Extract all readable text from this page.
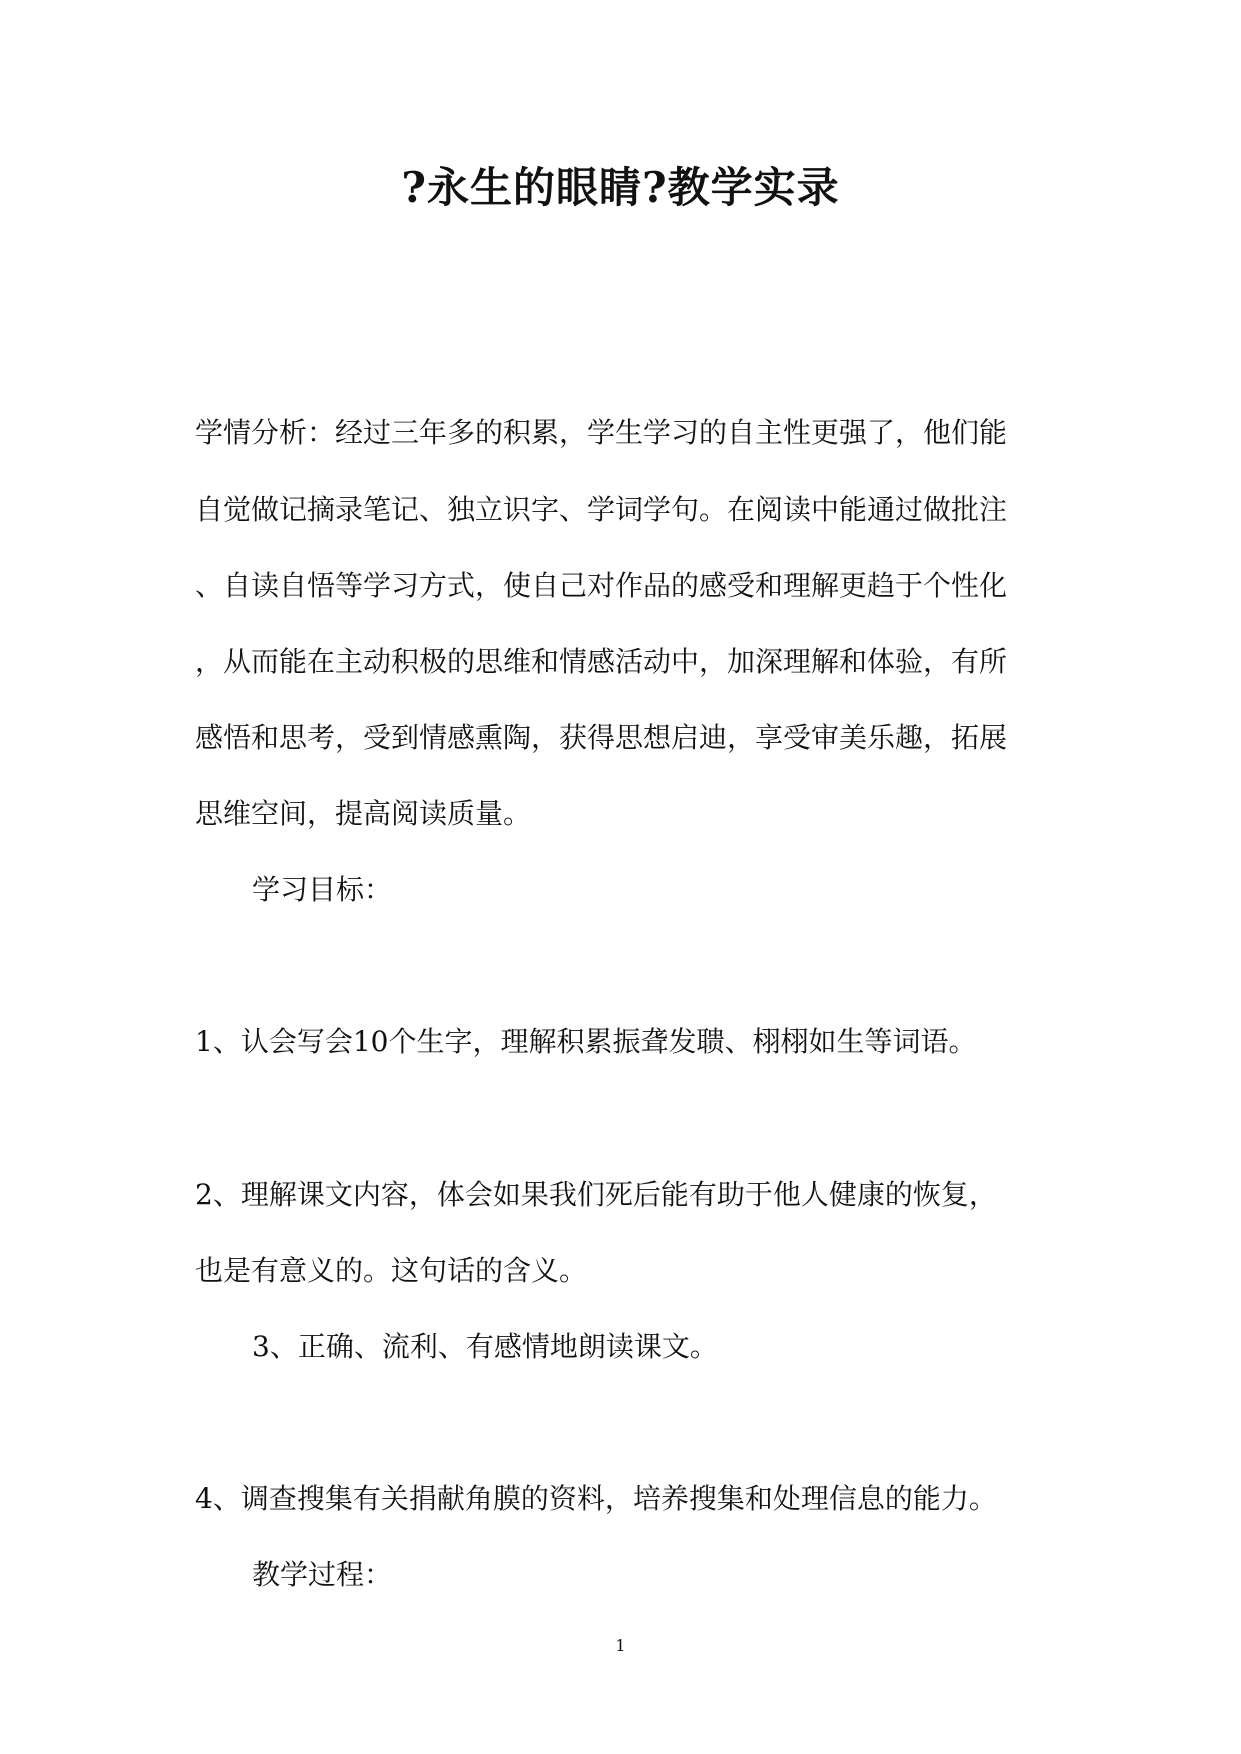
?永生的眼睛?教学实录

学情分析：经过三年多的积累，学生学习的自主性更强了，他们能

自觉做记摘录笔记、独立识字、学词学句。在阅读中能通过做批注

、自读自悟等学习方式，使自己对作品的感受和理解更趋于个性化

，从而能在主动积极的思维和情感活动中，加深理解和体验，有所

感悟和思考，受到情感熏陶，获得思想启迪，享受审美乐趣，拓展

思维空间，提高阅读质量。

学习目标：

1、认会写会10个生字，理解积累振聋发聩、栩栩如生等词语。

2、理解课文内容，体会如果我们死后能有助于他人健康的恢复，

也是有意义的。这句话的含义。

3、正确、流利、有感情地朗读课文。

4、调查搜集有关捐献角膜的资料，培养搜集和处理信息的能力。

教学过程：

1
